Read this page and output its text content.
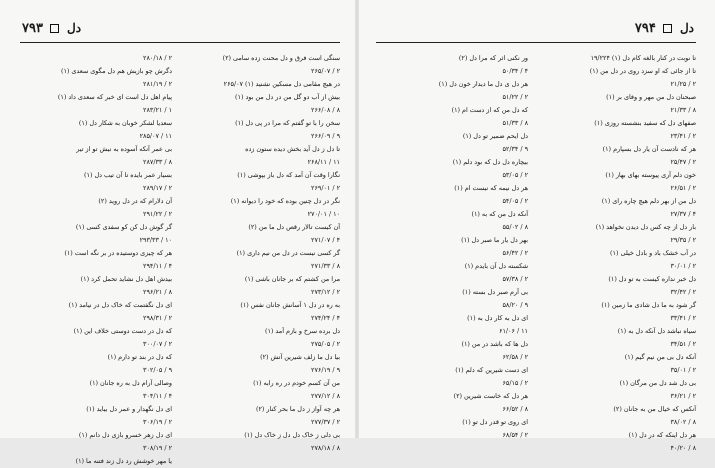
دل  ۷۹۳
سنگی است فرق و دل محنت زده سامی (۲)
۲ / ۲۶۵/۰۷
در هیچ مقامی دل مسکین نشنید (۱) ۲۶۵/۰۷
بیش از آب دو گل من در دل من بود (۱)
۸ / ۲۶۶/۰۸
سخن را با تو گفتم که مرا در پی دل (۱)
۹ / ۲۶۶/۰۹
تا دل ز دل آید بخش دیده ستون زده
۱۱ / ۲۶۸/۱۱
نگارا وقت آن آمد که دل باز بپوشی (۱)
۲ / ۲۶۹/۰۱
نگر در دل چنین بوده که خود را دیوانه (۱)
۱۰ / ۲۷۰/۰۱
آن کیست تالار رقص دل ما من (۲)
۴ / ۲۷۱/۰۷
گر کسی نیست در دل من نیم داری (۱)
۸ / ۲۷۱/۳۳
مرا من کشتم که بر جانان باشی (۱)
۲ / ۲۷۳/۱۲
به ره در دل ۱ آسانش جانان نفس (۱)
۴ / ۲۷۴/۲۴
دل برده سرخ و بازم آمد (۱)
۲ / ۲۷۵/۰۵
بیا دل ما زلف شیرین آتش (۲)
۹ / ۲۷۶/۱۹
من آن کسم خودم در ره رابه (۱)
۸ / ۲۷۷/۱۲
هر چه آواز ز دل ما بحر کنار (۲)
۲ / ۲۷۷/۳۷
بی دلی ز خاک دل دل ز خاک دل (۱)
۸ / ۲۷۸/۱۸
۲ / ۲۸۰/۱۸
دگرش چو بازیش هم دل مگوی سعدی (۱)
۲ / ۲۸۱/۱۹
پیام اهل دل است ای خبر که سعدی داد (۱)
۱ / ۲۸۳/۲۱
سعدیا لشکر خوبان به شکار دل (۱)
۱۱ / ۲۸۵/۰۷
بی عمر آنکه آسوده به نیش تو از تیر
۸ / ۲۸۷/۳۳
بسیار عمر بایده تا آن تیب دل (۱)
۲ / ۲۸۹/۱۷
آن دلارام که در دل روید (۲)
۲ / ۲۹۱/۲۲
گر گوش دل کن کو سفدی کسی (۱)
۱۰ / ۲۹۳/۳۳
هر که چیزی دوستیده در بر نگه است (۱)
۴ / ۲۹۴/۱۱
بیدش اهل دل نشاید تحمل کرد (۱)
۸ / ۲۹۶/۲۱
ای دل نگفتمت که خاک دل در نیامد (۱)
۲ / ۲۹۸/۳۱
که دل در دست دوستی خلاف این (۱)
۲ / ۳۰۰/۰۷
که دل در بند تو دارم (۱)
۹ / ۳۰۲/۰۵
وصالی آرام دل به ره جانان (۱)
۴ / ۳۰۴/۱۱
ای دل نگهدار و عمر دل بیاید (۱)
۲ / ۳۰۶/۱۹
ای دل زهر خسرو بازی دل دانم (۱)
۲ / ۳۰۸/۱۹
یا مهر خوشش رد دل زند فتنه ما (۱)
۷۹۴ دل
تا نوبت در کنار بالغه کام دل (۱) ۱۹/۲۲۴
تا از جائی که او سزد روی در دل من (۱)
۲ / ۲۱/۲۵
صبحنان دل من مهر و وفای بر (۱)
۸ / ۲۱/۳۳
صفهای دل که سفید بنشسته روزی (۱)
۲ / ۲۳/۴۱
هر که نادست آن یار دل بسپارم (۱)
۲ / ۲۵/۴۷
خون دلم آری پیوسته بهای بهار (۱)
۲ / ۲۶/۵۱
دل من از بهر دلم هیچ چاره رای (۱)
۴ / ۲۷/۳۷
بار دل از چه کس دل دیدن نخواهد (۱)
۲ / ۲۹/۳۵
در آب خشک باد و بادل خیلی (۱)
۲ / ۳۰/۰۱
دل خبر نداره کیست به تو دل (۱)
۲ / ۳۲/۴۲
گر شود به ما دل شادی ما زمین (۱)
۲ / ۳۳/۴۱
سیاه نباشد دل آنکه دل به (۱)
۲ / ۳۴/۵۱
آنکه دل بی من نیم گیم (۱)
۲ / ۳۵/۰۱
بی دل شد دل من مرگان (۱)
۲ / ۳۶/۲۱
آنکس که خیال من به جانان (۲)
۸ / ۳۸/۰۲
هر دل اینکه که در دل (۱)
۸ / ۴۰/۲۰
ور نکنی اثر که مرا دل (۲)
۴ / ۵۰/۳۴
هر دل ی دل ما دیدار خون دل (۱)
۲ / ۵۱/۲۲
که دل من که از دست ام (۱)
۸ / ۵۱/۳۳
دل ایحم ضمیر تو دل (۱)
۹ / ۵۲/۳۴
بیچاره دل دل که بود دلم (۱)
۲ / ۵۳/۰۵
هر دل نیمه که نیست ام (۱)
۲ / ۵۴/۰۵
آنکه دل من که به (۱)
۸ / ۵۵/۰۲
بهر دل یار ما صبر دل (۱)
۲ / ۵۶/۴۲
شکسته دل آن بایدم (۱)
۲ / ۵۷/۳۸
بی آرم صبر دل بسته (۱)
۹ / ۵۸/۲۰
ای دل به کار دل به (۱)
۱۱ / ۶۱/۰۶
دل ها که باشد در من (۱)
۲ / ۶۲/۵۸
ای دست شیرین که دلم (۱)
۲ / ۶۵/۱۵
هر دل که خاست شیرین (۲)
۸ / ۶۶/۵۲
ای روی تو قدر دل تو (۱)
۲ / ۶۸/۵۴
